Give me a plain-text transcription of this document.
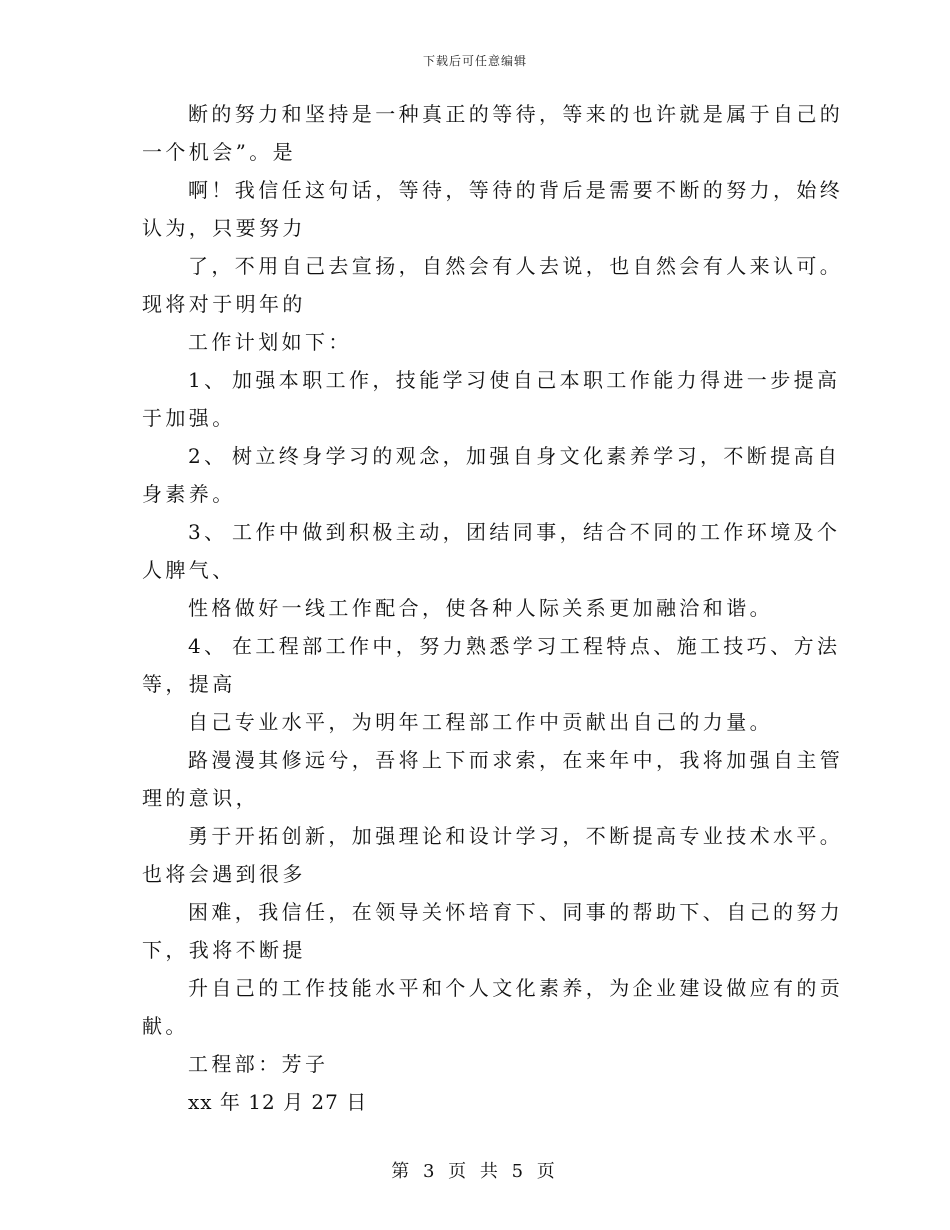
下载后可任意编辑
断的努力和坚持是一种真正的等待，等来的也许就是属于自己的
一个机会”。是
啊！我信任这句话，等待，等待的背后是需要不断的努力，始终
认为，只要努力
了，不用自己去宣扬，自然会有人去说，也自然会有人来认可。
现将对于明年的
工作计划如下：
1、 加强本职工作，技能学习使自己本职工作能力得进一步提高
于加强。
2、 树立终身学习的观念，加强自身文化素养学习，不断提高自
身素养。
3、 工作中做到积极主动，团结同事，结合不同的工作环境及个
人脾气、
性格做好一线工作配合，使各种人际关系更加融洽和谐。
4、 在工程部工作中，努力熟悉学习工程特点、施工技巧、方法
等，提高
自己专业水平，为明年工程部工作中贡献出自己的力量。
路漫漫其修远兮，吾将上下而求索，在来年中，我将加强自主管
理的意识，
勇于开拓创新，加强理论和设计学习，不断提高专业技术水平。
也将会遇到很多
困难，我信任，在领导关怀培育下、同事的帮助下、自己的努力
下，我将不断提
升自己的工作技能水平和个人文化素养，为企业建设做应有的贡
献。
工程部：芳子
xx 年 12 月 27 日
第 3 页 共 5 页
